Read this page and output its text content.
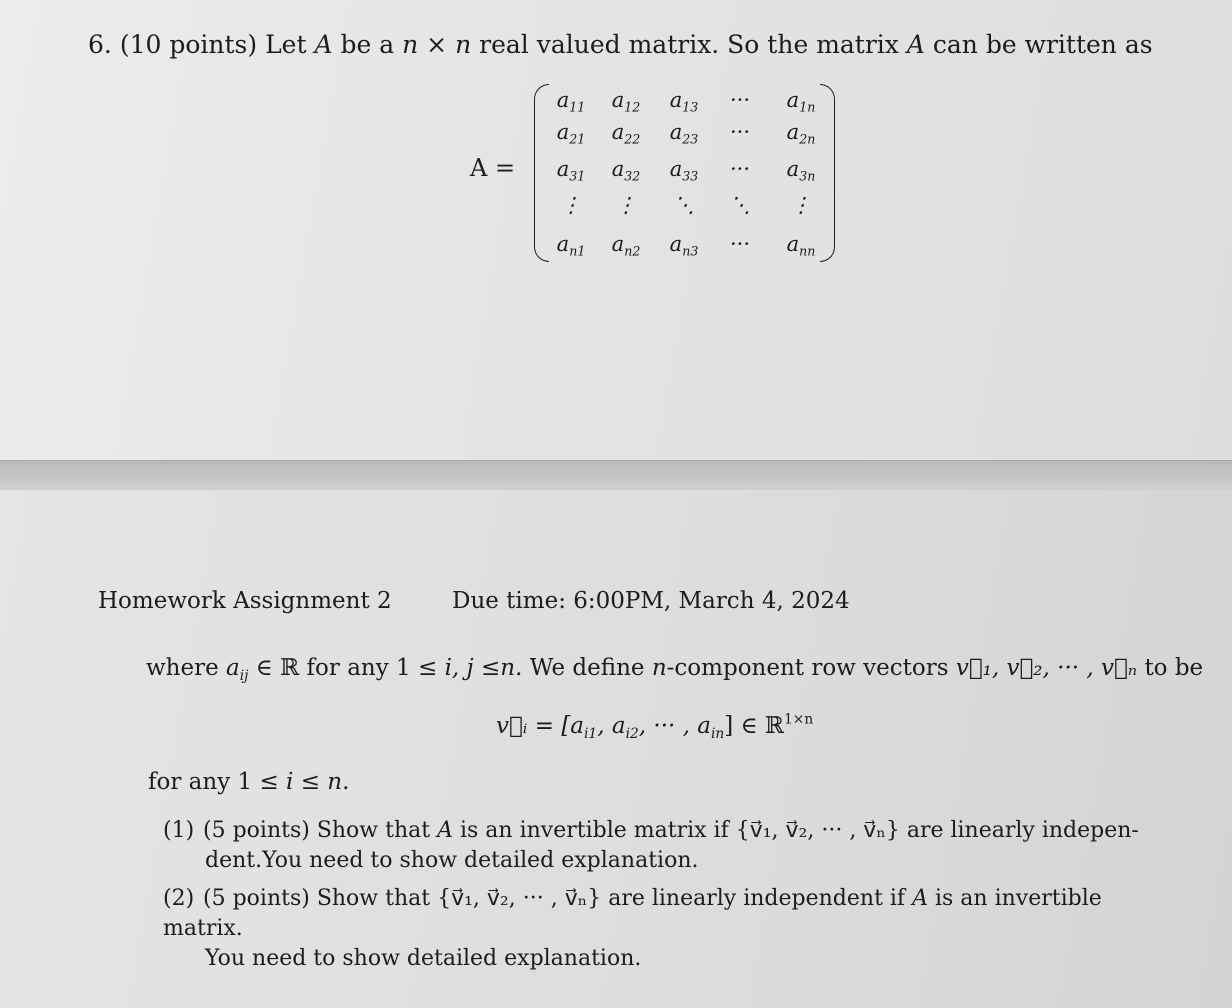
6. (10 points) Let A be a n × n real valued matrix. So the matrix A can be written as
A =
$a_{11}$ $a_{12}$ $a_{13}$ ··· $a_{1n}$
$a_{21}$ $a_{22}$ $a_{23}$ ··· $a_{2n}$
$a_{31}$ $a_{32}$ $a_{33}$ ··· $a_{3n}$
⋮ ⋮ ⋱ ⋱ ⋮
$a_{n1}$ $a_{n2}$ $a_{n3}$ ··· $a_{nn}$
Homework Assignment 2	Due time: 6:00PM, March 4, 2024
where $a_{ij}$ ∈ ℝ for any 1 ≤ i, j ≤n. We define n-component row vectors v⃗₁, v⃗₂, ··· , v⃗ₙ to be
v⃗ᵢ = [$a_{i1}$, $a_{i2}$, ··· , $a_{in}$] ∈ ℝ$^{1\times n}$
for any 1 ≤ i ≤ n.
(1) (5 points) Show that A is an invertible matrix if {v⃗₁, v⃗₂, ··· , v⃗ₙ} are linearly indepen-
dent.You need to show detailed explanation.
(2) (5 points) Show that {v⃗₁, v⃗₂, ··· , v⃗ₙ} are linearly independent if A is an invertible matrix.
You need to show detailed explanation.
